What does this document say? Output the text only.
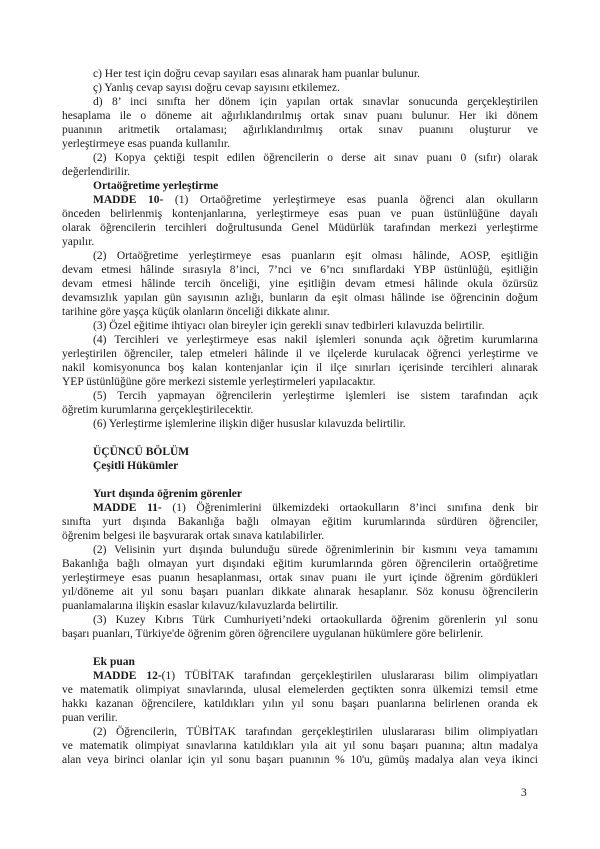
c) Her test için doğru cevap sayıları esas alınarak ham puanlar bulunur.
ç) Yanlış cevap sayısı doğru cevap sayısını etkilemez.
d) 8’ inci sınıfta her dönem için yapılan ortak sınavlar sonucunda gerçekleştirilen
hesaplama ile o döneme ait ağırlıklandırılmış ortak sınav puanı bulunur. Her iki dönem
puanının aritmetik ortalaması; ağırlıklandırılmış ortak sınav puanını oluşturur ve
yerleştirmeye esas puanda kullanılır.
(2) Kopya çektiği tespit edilen öğrencilerin o derse ait sınav puanı 0 (sıfır) olarak
değerlendirilir.
Ortaöğretime yerleştirme
MADDE 10- (1) Ortaöğretime yerleştirmeye esas puanla öğrenci alan okulların
önceden belirlenmiş kontenjanlarına, yerleştirmeye esas puan ve puan üstünlüğüne dayalı
olarak öğrencilerin tercihleri doğrultusunda Genel Müdürlük tarafından merkezi yerleştirme
yapılır.
(2) Ortaöğretime yerleştirmeye esas puanların eşit olması hâlinde, AOSP, eşitliğin
devam etmesi hâlinde sırasıyla 8’inci, 7’nci ve 6’ncı sınıflardaki YBP üstünlüğü, eşitliğin
devam etmesi hâlinde tercih önceliği, yine eşitliğin devam etmesi hâlinde okula özürsüz
devamsızlık yapılan gün sayısının azlığı, bunların da eşit olması hâlinde ise öğrencinin doğum
tarihine göre yaşça küçük olanların önceliği dikkate alınır.
(3) Özel eğitime ihtiyacı olan bireyler için gerekli sınav tedbirleri kılavuzda belirtilir.
(4) Tercihleri ve yerleştirmeye esas nakil işlemleri sonunda açık öğretim kurumlarına
yerleştirilen öğrenciler, talep etmeleri hâlinde il ve ilçelerde kurulacak öğrenci yerleştirme ve
nakil komisyonunca boş kalan kontenjanlar için il ilçe sınırları içerisinde tercihleri alınarak
YEP üstünlüğüne göre merkezi sistemle yerleştirmeleri yapılacaktır.
(5) Tercih yapmayan öğrencilerin yerleştirme işlemleri ise sistem tarafından açık
öğretim kurumlarına gerçekleştirilecektir.
(6) Yerleştirme işlemlerine ilişkin diğer hususlar kılavuzda belirtilir.
ÜÇÜNCÜ BÖLÜM
Çeşitli Hükümler
Yurt dışında öğrenim görenler
MADDE 11- (1) Öğrenimlerini ülkemizdeki ortaokulların 8’inci sınıfına denk bir
sınıfta yurt dışında Bakanlığa bağlı olmayan eğitim kurumlarında sürdüren öğrenciler,
öğrenim belgesi ile başvurarak ortak sınava katılabilirler.
(2) Velisinin yurt dışında bulunduğu sürede öğrenimlerinin bir kısmını veya tamamını
Bakanlığa bağlı olmayan yurt dışındaki eğitim kurumlarında gören öğrencilerin ortaöğretime
yerleştirmeye esas puanın hesaplanması, ortak sınav puanı ile yurt içinde öğrenim gördükleri
yıl/döneme ait yıl sonu başarı puanları dikkate alınarak hesaplanır. Söz konusu öğrencilerin
puanlamalarına ilişkin esaslar kılavuz/kılavuzlarda belirtilir.
(3) Kuzey Kıbrıs Türk Cumhuriyeti’ndeki ortaokullarda öğrenim görenlerin yıl sonu
başarı puanları, Türkiye'de öğrenim gören öğrencilere uygulanan hükümlere göre belirlenir.
Ek puan
MADDE 12-(1) TÜBİTAK tarafından gerçekleştirilen uluslararası bilim olimpiyatları
ve matematik olimpiyat sınavlarında, ulusal elemelerden geçtikten sonra ülkemizi temsil etme
hakkı kazanan öğrencilere, katıldıkları yılın yıl sonu başarı puanlarına belirlenen oranda ek
puan verilir.
(2) Öğrencilerin, TÜBİTAK tarafından gerçekleştirilen uluslararası bilim olimpiyatları
ve matematik olimpiyat sınavlarına katıldıkları yıla ait yıl sonu başarı puanına; altın madalya
alan veya birinci olanlar için yıl sonu başarı puanının % 10'u, gümüş madalya alan veya ikinci
3
